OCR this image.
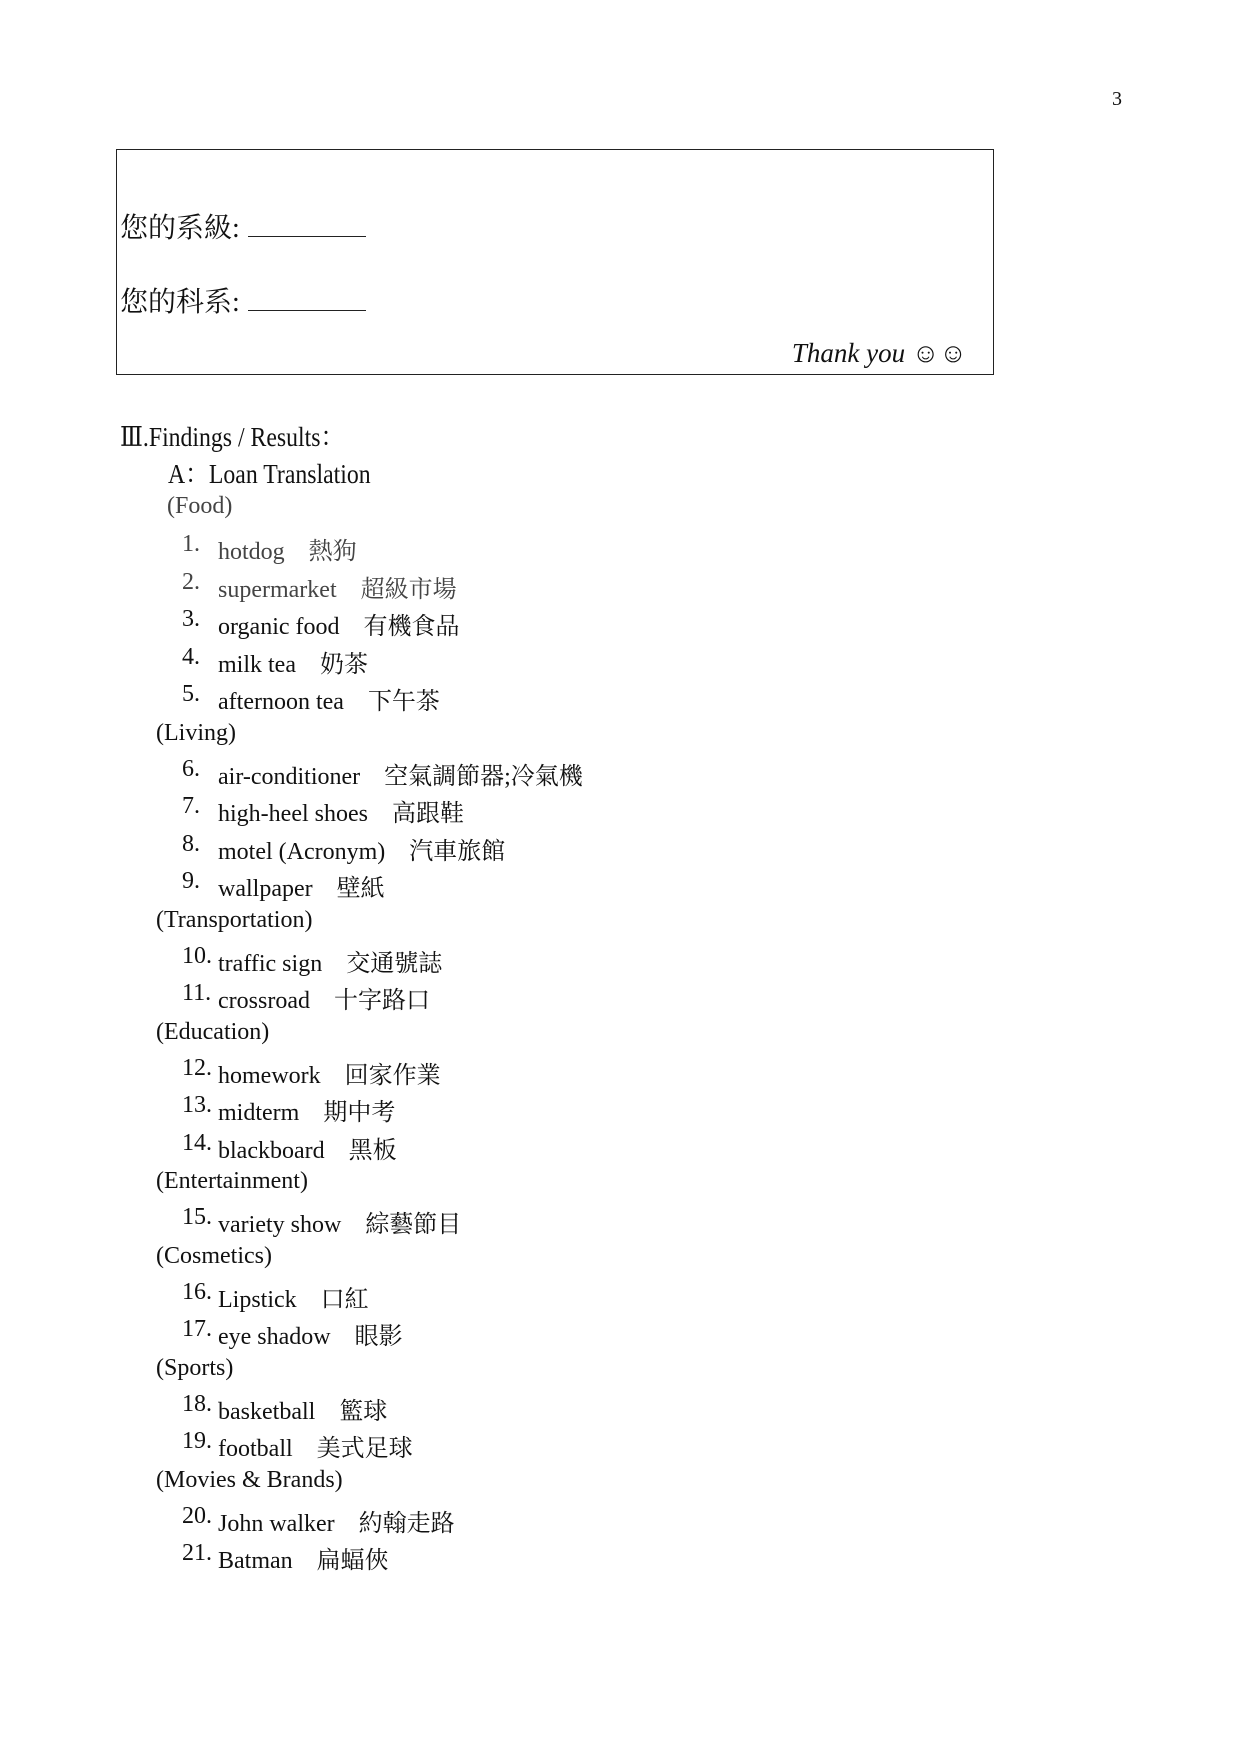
3
您的系級:
您的科系:
Thank you ☺☺
Ⅲ.Findings / Results：
A：Loan Translation
(Food)
1. hotdog 熱狗
2. supermarket 超級市場
3. organic food 有機食品
4. milk tea 奶茶
5. afternoon tea 下午茶
(Living)
6. air-conditioner 空氣調節器;冷氣機
7. high-heel shoes 高跟鞋
8. motel (Acronym) 汽車旅館
9. wallpaper 壁紙
(Transportation)
10. traffic sign 交通號誌
11. crossroad 十字路口
(Education)
12. homework 回家作業
13. midterm 期中考
14. blackboard 黑板
(Entertainment)
15. variety show 綜藝節目
(Cosmetics)
16. Lipstick 口紅
17. eye shadow 眼影
(Sports)
18. basketball 籃球
19. football 美式足球
(Movies & Brands)
20. John walker 約翰走路
21. Batman 扁蝠俠
